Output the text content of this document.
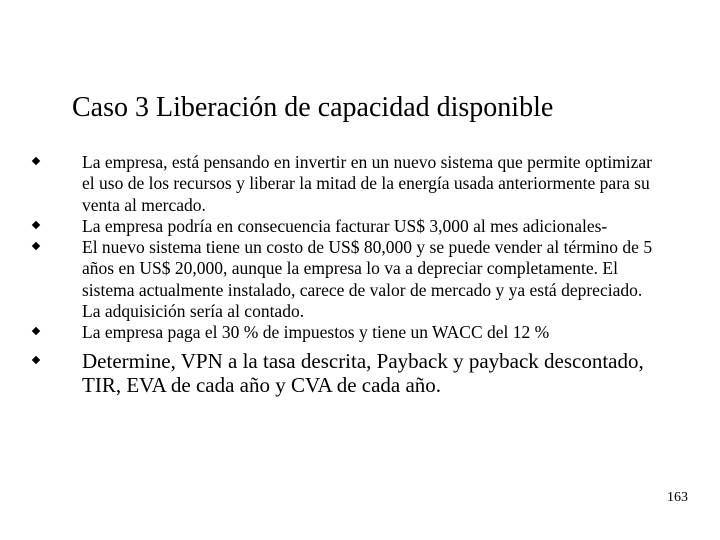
Caso 3 Liberación de capacidad disponible
La empresa, está pensando en invertir en un nuevo sistema que permite optimizar el uso de los recursos y liberar la mitad de la energía usada anteriormente para su venta al mercado.
La empresa podría en consecuencia facturar US$ 3,000 al mes adicionales-
El nuevo sistema tiene un costo de US$ 80,000 y se puede vender al término de 5 años en US$ 20,000, aunque la empresa lo va a depreciar completamente. El sistema actualmente instalado, carece de valor de mercado y ya está depreciado. La adquisición sería al contado.
La empresa paga el 30 % de impuestos y tiene un WACC del 12 %
Determine, VPN a la tasa descrita, Payback y payback descontado, TIR, EVA de cada año y CVA de cada año.
163
